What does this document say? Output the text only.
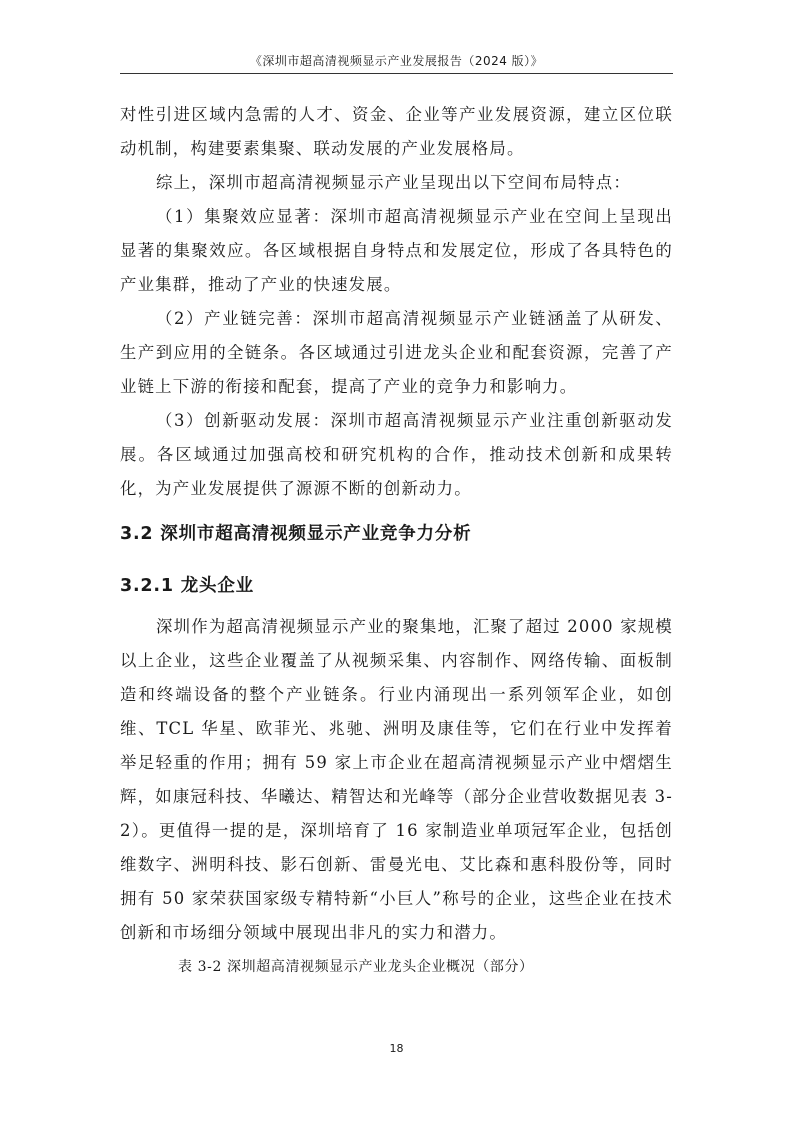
《深圳市超高清视频显示产业发展报告（2024 版）》

对性引进区域内急需的人才、资金、企业等产业发展资源，建立区位联动机制，构建要素集聚、联动发展的产业发展格局。

综上，深圳市超高清视频显示产业呈现出以下空间布局特点：

（1）集聚效应显著：深圳市超高清视频显示产业在空间上呈现出显著的集聚效应。各区域根据自身特点和发展定位，形成了各具特色的产业集群，推动了产业的快速发展。

（2）产业链完善：深圳市超高清视频显示产业链涵盖了从研发、生产到应用的全链条。各区域通过引进龙头企业和配套资源，完善了产业链上下游的衔接和配套，提高了产业的竞争力和影响力。

（3）创新驱动发展：深圳市超高清视频显示产业注重创新驱动发展。各区域通过加强高校和研究机构的合作，推动技术创新和成果转化，为产业发展提供了源源不断的创新动力。

3.2 深圳市超高清视频显示产业竞争力分析

3.2.1 龙头企业

深圳作为超高清视频显示产业的聚集地，汇聚了超过 2000 家规模以上企业，这些企业覆盖了从视频采集、内容制作、网络传输、面板制造和终端设备的整个产业链条。行业内涌现出一系列领军企业，如创维、TCL 华星、欧菲光、兆驰、洲明及康佳等，它们在行业中发挥着举足轻重的作用；拥有 59 家上市企业在超高清视频显示产业中熠熠生辉，如康冠科技、华曦达、精智达和光峰等（部分企业营收数据见表 3-2）。更值得一提的是，深圳培育了 16 家制造业单项冠军企业，包括创维数字、洲明科技、影石创新、雷曼光电、艾比森和惠科股份等，同时拥有 50 家荣获国家级专精特新“小巨人”称号的企业，这些企业在技术创新和市场细分领域中展现出非凡的实力和潜力。

表 3-2 深圳超高清视频显示产业龙头企业概况（部分）

18
